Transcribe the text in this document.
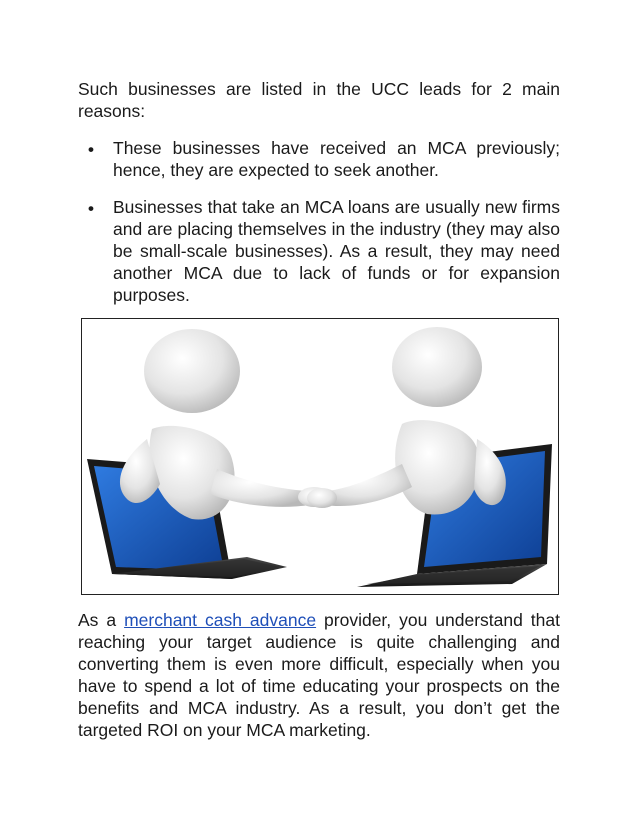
Such businesses are listed in the UCC leads for 2 main reasons:

•	These businesses have received an MCA previously; hence, they are expected to seek another.
•	Businesses that take an MCA loans are usually new firms and are placing themselves in the industry (they may also be small-scale businesses). As a result, they may need another MCA due to lack of funds or for expansion purposes.

As a merchant cash advance provider, you understand that reaching your target audience is quite challenging and converting them is even more difficult, especially when you have to spend a lot of time educating your prospects on the benefits and MCA industry. As a result, you don’t get the targeted ROI on your MCA marketing.
